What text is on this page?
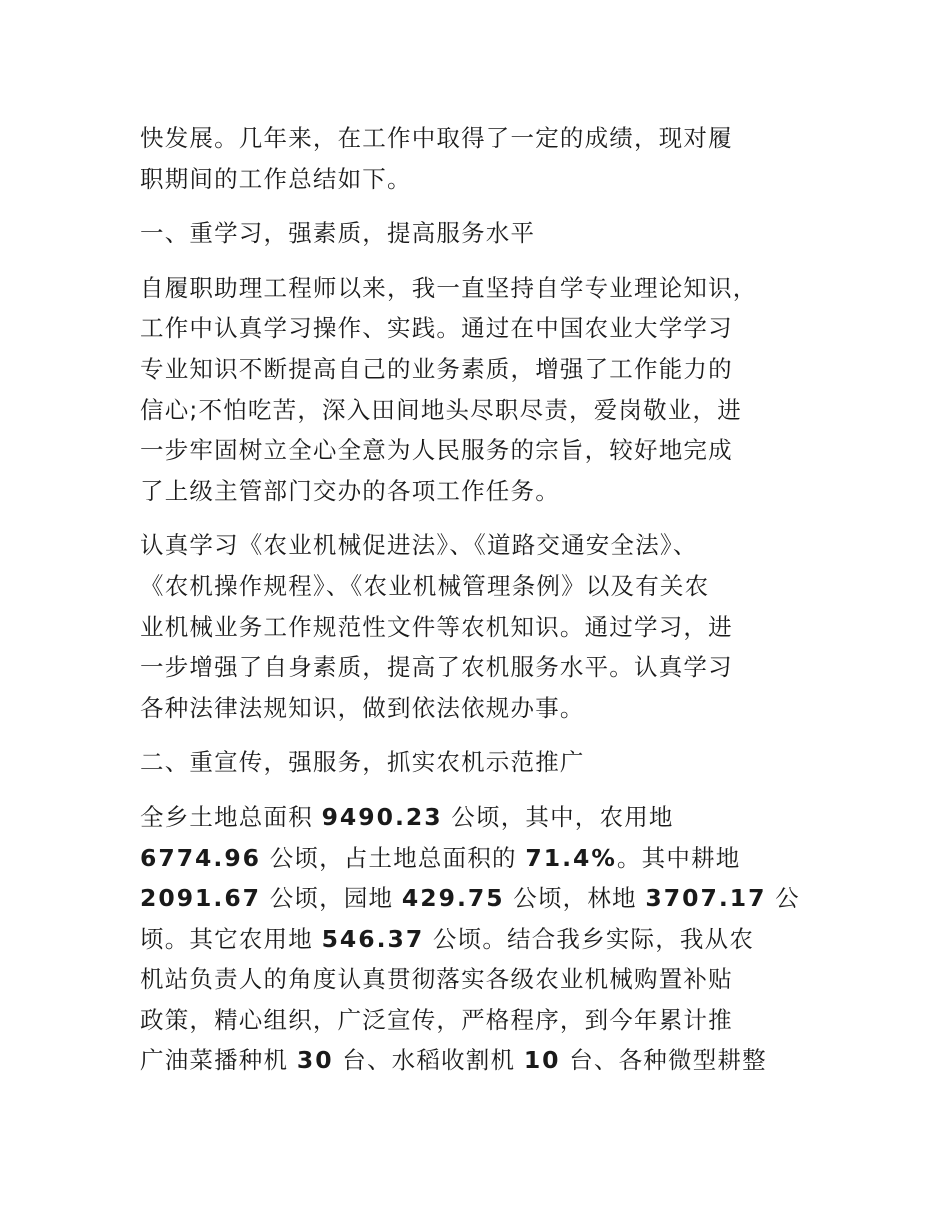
快发展。几年来，在工作中取得了一定的成绩，现对履
职期间的工作总结如下。

一、重学习，强素质，提高服务水平

自履职助理工程师以来，我一直坚持自学专业理论知识，
工作中认真学习操作、实践。通过在中国农业大学学习
专业知识不断提高自己的业务素质，增强了工作能力的
信心;不怕吃苦，深入田间地头尽职尽责，爱岗敬业，进
一步牢固树立全心全意为人民服务的宗旨，较好地完成
了上级主管部门交办的各项工作任务。

认真学习《农业机械促进法》、《道路交通安全法》、
《农机操作规程》、《农业机械管理条例》以及有关农
业机械业务工作规范性文件等农机知识。通过学习，进
一步增强了自身素质，提高了农机服务水平。认真学习
各种法律法规知识，做到依法依规办事。

二、重宣传，强服务，抓实农机示范推广

全乡土地总面积 9490.23 公顷，其中，农用地
6774.96 公顷，占土地总面积的 71.4%。其中耕地
2091.67 公顷，园地 429.75 公顷，林地 3707.17 公
顷。其它农用地 546.37 公顷。结合我乡实际，我从农
机站负责人的角度认真贯彻落实各级农业机械购置补贴
政策，精心组织，广泛宣传，严格程序，到今年累计推
广油菜播种机 30 台、水稻收割机 10 台、各种微型耕整
